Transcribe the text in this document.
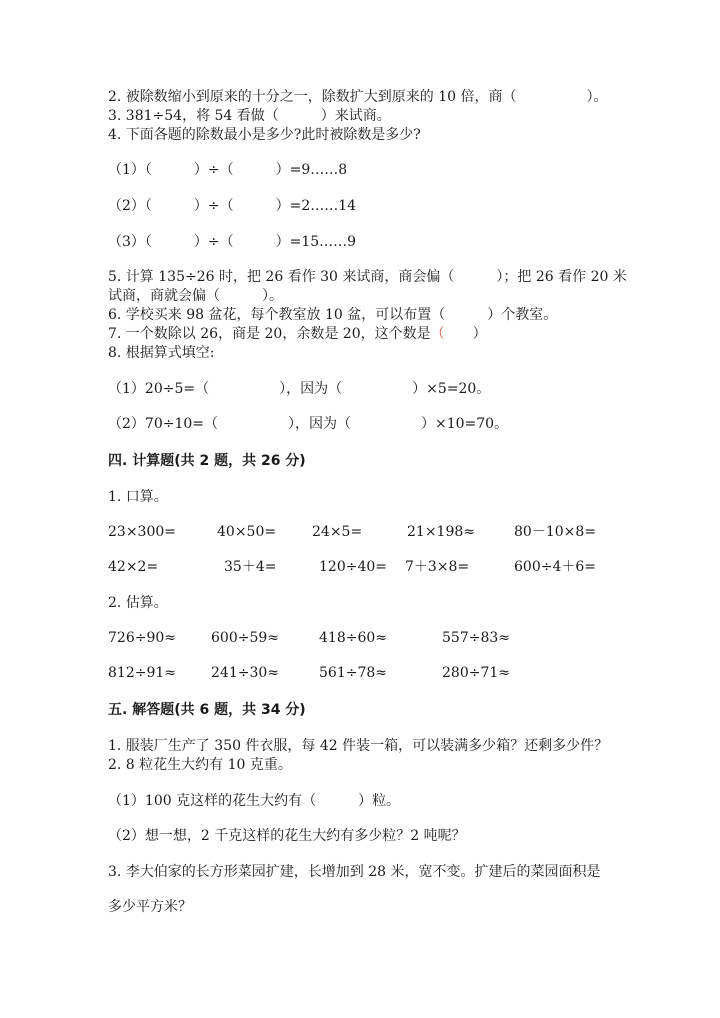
2. 被除数缩小到原来的十分之一，除数扩大到原来的 10 倍，商（　　　　　）。
3. 381÷54，将 54 看做（　　　）来试商。
4. 下面各题的除数最小是多少?此时被除数是多少?
（1）（　　　）÷（　　　）=9……8
（2）（　　　）÷（　　　）=2……14
（3）（　　　）÷（　　　）=15……9
5. 计算 135÷26 时，把 26 看作 30 来试商，商会偏（　　　）；把 26 看作 20 米
试商，商就会偏（　　　）。
6. 学校买来 98 盆花，每个教室放 10 盆，可以布置（　　　）个教室。
7. 一个数除以 26，商是 20，余数是 20，这个数是（　　）
8. 根据算式填空:
（1）20÷5=（　　　　　），因为（　　　　　）×5=20。
（2）70÷10=（　　　　　），因为（　　　　　）×10=70。
四. 计算题(共 2 题，共 26 分)
1. 口算。
23×300=	40×50=	24×5=	21×198≈	80－10×8=
42×2=	35＋4=	120÷40= 7＋3×8=	600÷4＋6=
2. 估算。
726÷90≈	600÷59≈	418÷60≈	557÷83≈
812÷91≈	241÷30≈	561÷78≈	280÷71≈
五. 解答题(共 6 题，共 34 分)
1. 服装厂生产了 350 件衣服，每 42 件装一箱，可以装满多少箱？还剩多少件？
2. 8 粒花生大约有 10 克重。
（1）100 克这样的花生大约有（　　　）粒。
（2）想一想，2 千克这样的花生大约有多少粒？2 吨呢？
3. 李大伯家的长方形菜园扩建，长增加到 28 米，宽不变。扩建后的菜园面积是
多少平方米？
